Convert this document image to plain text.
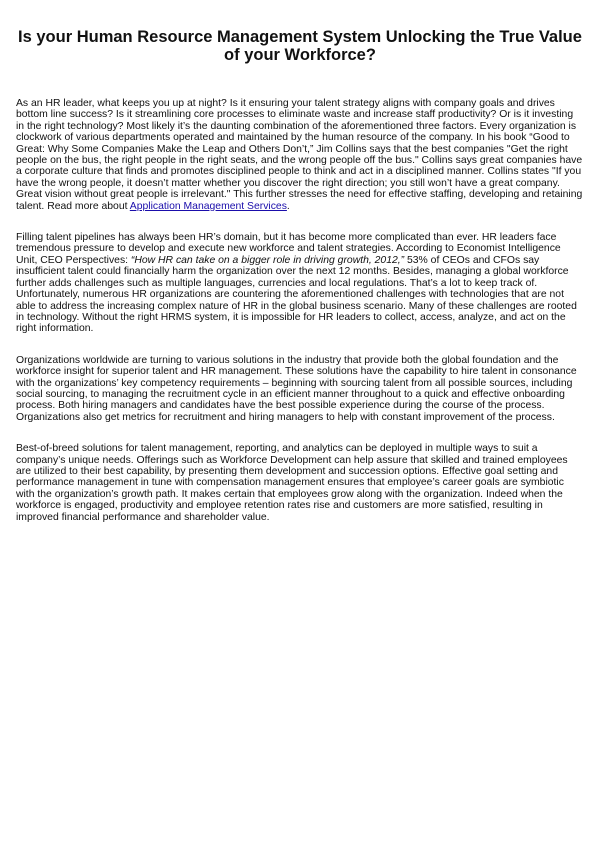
Is your Human Resource Management System Unlocking the True Value of your Workforce?

As an HR leader, what keeps you up at night? Is it ensuring your talent strategy aligns with company goals and drives bottom line success? Is it streamlining core processes to eliminate waste and increase staff productivity? Or is it investing in the right technology? Most likely it’s the daunting combination of the aforementioned three factors. Every organization is clockwork of various departments operated and maintained by the human resource of the company. In his book “Good to Great: Why Some Companies Make the Leap and Others Don’t,” Jim Collins says that the best companies "Get the right people on the bus, the right people in the right seats, and the wrong people off the bus." Collins says great companies have a corporate culture that finds and promotes disciplined people to think and act in a disciplined manner. Collins states "If you have the wrong people, it doesn’t matter whether you discover the right direction; you still won’t have a great company. Great vision without great people is irrelevant." This further stresses the need for effective staffing, developing and retaining talent. Read more about Application Management Services.

Filling talent pipelines has always been HR’s domain, but it has become more complicated than ever. HR leaders face tremendous pressure to develop and execute new workforce and talent strategies. According to Economist Intelligence Unit, CEO Perspectives: “How HR can take on a bigger role in driving growth, 2012,” 53% of CEOs and CFOs say insufficient talent could financially harm the organization over the next 12 months. Besides, managing a global workforce further adds challenges such as multiple languages, currencies and local regulations. That’s a lot to keep track of. Unfortunately, numerous HR organizations are countering the aforementioned challenges with technologies that are not able to address the increasing complex nature of HR in the global business scenario. Many of these challenges are rooted in technology. Without the right HRMS system, it is impossible for HR leaders to collect, access, analyze, and act on the right information.

Organizations worldwide are turning to various solutions in the industry that provide both the global foundation and the workforce insight for superior talent and HR management. These solutions have the capability to hire talent in consonance with the organizations’ key competency requirements – beginning with sourcing talent from all possible sources, including social sourcing, to managing the recruitment cycle in an efficient manner throughout to a quick and effective onboarding process. Both hiring managers and candidates have the best possible experience during the course of the process. Organizations also get metrics for recruitment and hiring managers to help with constant improvement of the process.

Best-of-breed solutions for talent management, reporting, and analytics can be deployed in multiple ways to suit a company’s unique needs. Offerings such as Workforce Development can help assure that skilled and trained employees are utilized to their best capability, by presenting them development and succession options. Effective goal setting and performance management in tune with compensation management ensures that employee’s career goals are symbiotic with the organization’s growth path. It makes certain that employees grow along with the organization. Indeed when the workforce is engaged, productivity and employee retention rates rise and customers are more satisfied, resulting in improved financial performance and shareholder value.
